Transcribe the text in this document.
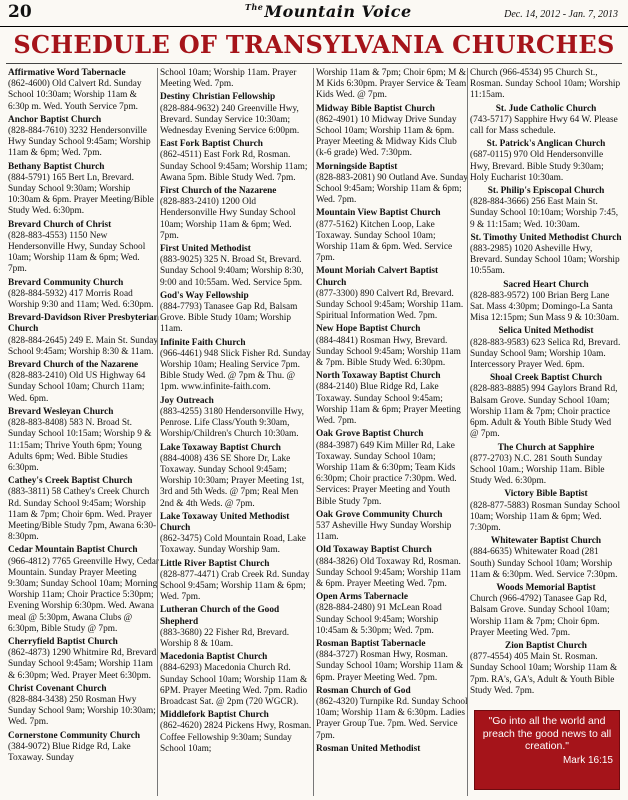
20	$^{The}$Mountain Voice	Dec. 14, 2012 - Jan. 7, 2013
SCHEDULE OF TRANSYLVANIA CHURCHES
Affirmative Word Tabernacle
(862-4600) Old Calvert Rd. Sunday School 10:30am; Worship 11am & 6:30p m. Wed. Youth Service 7pm.
Anchor Baptist Church
(828-884-7610) 3232 Hendersonville Hwy Sunday School 9:45am; Worship 11am & 6pm; Wed. 7pm.
Bethany Baptist Church
(884-5791) 165 Bert Ln, Brevard. Sunday School 9:30am; Worship 10:30am & 6pm. Prayer Meeting/Bible Study Wed. 6:30pm.
Brevard Church of Christ
(828-883-4553) 1150 New Hendersonville Hwy, Sunday School 10am; Worship 11am & 6pm; Wed. 7pm.
Brevard Community Church
(828-884-5932) 417 Morris Road Worship 9:30 and 11am; Wed. 6:30pm.
Brevard-Davidson River Presbyterian Church
(828-884-2645) 249 E. Main St. Sunday School 9:45am; Worship 8:30 & 11am.
Brevard Church of the Nazarene
(828-883-2410) Old US Highway 64 Sunday School 10am; Church 11am; Wed. 6pm.
Brevard Wesleyan Church
(828-883-8408) 583 N. Broad St. Sunday School 10:15am; Worship 9 & 11:15am; Thrive Youth 6pm; Young Adults 6pm; Wed. Bible Studies 6:30pm.
Cathey's Creek Baptist Church
(883-3811) 58 Cathey's Creek Church Rd. Sunday School 9:45am; Worship 11am & 7pm; Choir 6pm. Wed. Prayer Meeting/Bible Study 7pm, Awana 6:30-8:30pm.
Cedar Mountain Baptist Church
(966-4812) 7765 Greenville Hwy, Cedar Mountain. Sunday Prayer Meeting 9:30am; Sunday School 10am; Morning Worship 11am; Choir Practice 5:30pm; Evening Worship 6:30pm. Wed. Awana meal @ 5:30pm, Awana Clubs @ 6:30pm, Bible Study @ 7pm.
Cherryfield Baptist Church
(862-4873) 1290 Whitmire Rd, Brevard. Sunday School 9:45am; Worship 11am & 6:30pm; Wed. Prayer Meet 6:30pm.
Christ Covenant Church
(828-884-3438) 250 Rosman Hwy Sunday School 9am; Worship 10:30am; Wed. 7pm.
Cornerstone Community Church
(384-9072) Blue Ridge Rd, Lake Toxaway. Sunday
School 10am; Worship 11am. Prayer Meeting Wed. 7pm.
Destiny Christian Fellowship
(828-884-9632) 240 Greenville Hwy, Brevard. Sunday Service 10:30am; Wednesday Evening Service 6:00pm.
East Fork Baptist Church
(862-4511) East Fork Rd, Rosman. Sunday School 9:45am; Worship 11am; Awana 5pm. Bible Study Wed. 7pm.
First Church of the Nazarene
(828-883-2410) 1200 Old Hendersonville Hwy Sunday School 10am; Worship 11am & 6pm; Wed. 7pm.
First United Methodist
(883-9025) 325 N. Broad St, Brevard. Sunday School 9:40am; Worship 8:30, 9:00 and 10:55am. Wed. Service 5pm.
God's Way Fellowship
(884-7793) Tanasee Gap Rd, Balsam Grove. Bible Study 10am; Worship 11am.
Infinite Faith Church
(966-4461) 948 Slick Fisher Rd. Sunday Worship 10am; Healing Service 7pm. Bible Study Wed. @ 7pm & Thu. @ 1pm. www.infinite-faith.com.
Joy Outreach
(883-4255) 3180 Hendersonville Hwy, Penrose. Life Class/Youth 9:30am, Worship/Children's Church 10:30am.
Lake Toxaway Baptist Church
(884-4008) 436 SE Shore Dr, Lake Toxaway. Sunday School 9:45am; Worship 10:30am; Prayer Meeting 1st, 3rd and 5th Weds. @ 7pm; Real Men 2nd & 4th Weds. @ 7pm.
Lake Toxaway United Methodist Church
(862-3475) Cold Mountain Road, Lake Toxaway. Sunday Worship 9am.
Little River Baptist Church
(828-877-4471) Crab Creek Rd. Sunday School 9:45am; Worship 11am & 6pm; Wed. 7pm.
Lutheran Church of the Good Shepherd
(883-3680) 22 Fisher Rd, Brevard. Worship 8 & 10am.
Macedonia Baptist Church
(884-6293) Macedonia Church Rd. Sunday School 10am; Worship 11am & 6PM. Prayer Meeting Wed. 7pm. Radio Broadcast Sat. @ 2pm (720 WGCR).
Middlefork Baptist Church
(862-4620) 2824 Pickens Hwy, Rosman. Coffee Fellowship 9:30am; Sunday School 10am;
Worship 11am & 7pm; Choir 6pm; M & M Kids 6:30pm. Prayer Service & Team Kids Wed. @ 7pm.
Midway Bible Baptist Church
(862-4901) 10 Midway Drive Sunday School 10am; Worship 11am & 6pm. Prayer Meeting & Midway Kids Club (k-6 grade) Wed. 7:30pm.
Morningside Baptist
(828-883-2081) 90 Outland Ave. Sunday School 9:45am; Worship 11am & 6pm; Wed. 7pm.
Mountain View Baptist Church
(877-5162) Kitchen Loop, Lake Toxaway. Sunday School 10am; Worship 11am & 6pm. Wed. Service 7pm.
Mount Moriah Calvert Baptist Church
(877-3300) 890 Calvert Rd, Brevard. Sunday School 9:45am; Worship 11am. Spiritual Information Wed. 7pm.
New Hope Baptist Church
(884-4841) Rosman Hwy, Brevard. Sunday School 9:45am; Worship 11am & 7pm. Bible Study Wed. 6:30pm.
North Toxaway Baptist Church
(884-2140) Blue Ridge Rd, Lake Toxaway. Sunday School 9:45am; Worship 11am & 6pm; Prayer Meeting Wed. 7pm.
Oak Grove Baptist Church
(884-3987) 649 Kim Miller Rd, Lake Toxaway. Sunday School 10am; Worship 11am & 6:30pm; Team Kids 6:30pm; Choir practice 7:30pm. Wed. Services: Prayer Meeting and Youth Bible Study 7pm.
Oak Grove Community Church
537 Asheville Hwy Sunday Worship 11am.
Old Toxaway Baptist Church
(884-3826) Old Toxaway Rd, Rosman. Sunday School 9:45am; Worship 11am & 6pm. Prayer Meeting Wed. 7pm.
Open Arms Tabernacle
(828-884-2480) 91 McLean Road Sunday School 9:45am; Worship 10:45am & 5:30pm; Wed. 7pm.
Rosman Baptist Tabernacle
(884-3727) Rosman Hwy, Rosman. Sunday School 10am; Worship 11am & 6pm. Prayer Meeting Wed. 7pm.
Rosman Church of God
(862-4320) Turnpike Rd. Sunday School 10am; Worship 11am & 6:30pm. Ladies Prayer Group Tue. 7pm. Wed. Service 7pm.
Rosman United Methodist
Church (966-4534) 95 Church St., Rosman. Sunday School 10am; Worship 11:15am.
St. Jude Catholic Church
(743-5717) Sapphire Hwy 64 W. Please call for Mass schedule.
St. Patrick's Anglican Church
(687-0115) 970 Old Hendersonville Hwy, Brevard. Bible Study 9:30am; Holy Eucharist 10:30am.
St. Philip's Episcopal Church
(828-884-3666) 256 East Main St. Sunday School 10:10am; Worship 7:45, 9 & 11:15am; Wed. 10:30am.
St. Timothy United Methodist Church
(883-2985) 1020 Asheville Hwy, Brevard. Sunday School 10am; Worship 10:55am.
Sacred Heart Church
(828-883-9572) 100 Brian Berg Lane Sat. Mass 4:30pm; Domingo-La Santa Misa 12:15pm; Sun Mass 9 & 10:30am.
Selica United Methodist
(828-883-9583) 623 Selica Rd, Brevard. Sunday School 9am; Worship 10am. Intercessory Prayer Wed. 6pm.
Shoal Creek Baptist Church
(828-883-8885) 994 Gaylors Brand Rd, Balsam Grove. Sunday School 10am; Worship 11am & 7pm; Choir practice 6pm. Adult & Youth Bible Study Wed @ 7pm.
The Church at Sapphire
(877-2703) N.C. 281 South Sunday School 10am.; Worship 11am. Bible Study Wed. 6:30pm.
Victory Bible Baptist
(828-877-5883) Rosman Sunday School 10am; Worship 11am & 6pm; Wed. 7:30pm.
Whitewater Baptist Church
(884-6635) Whitewater Road (281 South) Sunday School 10am; Worship 11am & 6:30pm. Wed. Service 7:30pm.
Woods Memorial Baptist
Church (966-4792) Tanasee Gap Rd, Balsam Grove. Sunday School 10am; Worship 11am & 7pm; Choir 6pm. Prayer Meeting Wed. 7pm.
Zion Baptist Church
(877-4554) 405 Main St. Rosman. Sunday School 10am; Worship 11am & 7pm. RA's, GA's, Adult & Youth Bible Study Wed. 7pm.
"Go into all the world and preach the good news to all creation."
Mark 16:15
